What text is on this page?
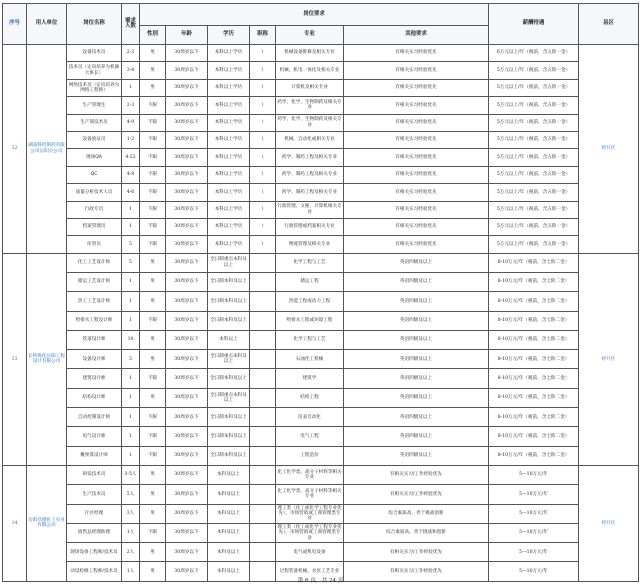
序号	用人单位	岗位名称	需求人数	岗位要求						薪酬待遇	县区
				性别	年龄	学历	职称	专业	其他要求		
12	湖南科伦制药有限公司岳阳分公司	设备技术员	2-3	男	30周岁以下	本科以上学历	\	机械设备维修及相关专业	有相关实习经验优先	6万元以上/年（税前，含五险一金）	经开区
		技术员（定向培养为机修大班长）	3-4	男	30周岁以下	本科以上学历	\	机械、机电一体化及相关专业	有相关实习经验优先	5万元以上/年（税前，含五险一金）	
		网络技术员（定向培养为网络工程师）	1	男	30周岁以下	本科以上学历	\	计算机及相关专业	有相关实习经验优先	5万元以上/年（税前，含五险一金）	
		生产管理生	2-3	不限	30周岁以下	本科以上学历	\	药学、化学、生物制药及相关专业	有相关实习经验优先	5万元以上/年（税前，含五险一金）	
		生产部技术员	4-9	不限	30周岁以下	本科以上学历	\	药学、化学、生物制药及相关专业	有相关实习经验优先	5万元以上/年（税前，含五险一金）	
		设备验证员	1-2	不限	30周岁以下	本科以上学历	\	机械、自动化或相关专业	有相关实习经验优先	5万元以上/年（税前，含五险一金）	
		现场QA	4-22	不限	30周岁以下	本科以上学历	\	药学、制药工程及相关专业	有相关实习经验优先	5万元以上/年（税前，含五险一金）	
		QC	4-8	不限	30周岁以下	本科以上学历	\	药学、制药工程及相关专业	有相关实习经验优先	5万元以上/年（税前，含五险一金）	
		质量分析技术人员	4-6	不限	30周岁以下	本科以上学历	\	药学、制药工程及相关专业	有相关实习经验优先	5万元以上/年（税前，含五险一金）	
		行政专员	1	不限	30周岁以下	本科以上学历	\	行政管理、文秘、计算机相关专业	有相关实习经验优先	5万元以上/年（税前，含五险一金）	
		档案管理员	1	不限	30周岁以下	本科以上学历	\	行政管理或档案相关专业	有相关实习经验优先	5万元以上/年（税前，含五险一金）	
		库管员	5	不限	30周岁以下	本科以上学历	\	物流管理及相关专业	有相关实习经验优先	5万元以上/年（税前，含五险一金）	
13	长岭炼化岳阳工程设计有限公司	化工工艺设计师	5	男	30周岁以下	全日制重点本科及以上		化学工程与工艺	英语四级及以上	8-10万元/年（税前，含七险二金）	经开区
		储运工艺设计师	1	男	30周岁以下	全日制本科及以上		储运工程	英语四级及以上	8-10万元/年（税前，含七险二金）	
		热工工艺设计师	1	男	30周岁以下	全日制本科及以上		热能工程或动力工程	英语四级及以上	8-10万元/年（税前，含七险二金）	
		给排水工程设计师	1	不限	30周岁以下	全日制本科及以上		给排水工程或环境工程	英语四级及以上	8-10万元/年（税前，含七险二金）	
		管道设计师	10	男	30周岁以下	本科以上		化学工程与工艺	英语四级及以上	8-10万元/年（税前，含七险二金）	
		设备设计师	3	男	30周岁以下	全日制重点本科及以上		石油化工机械	英语四级及以上	8-10万元/年（税前，含七险二金）	
		建筑设计师	1	不限	30周岁以下	全日制本科及以上		建筑学	英语四级及以上	8-10万元/年（税前，含七险二金）	
		结构设计师	1	男	30周岁以下	全日制重点本科及以上		结构工程	英语四级及以上	8-10万元/年（税前，含七险二金）	
		自动控制设计师	1	不限	30周岁以下	全日制本科及以上		仪表自动化	英语四级及以上	8-10万元/年（税前，含七险二金）	
		电气设计师	1	不限	30周岁以下	全日制本科及以上		电气工程	英语四级及以上	8-10万元/年（税前，含七险二金）	
		概预算设计师	1	不限	30周岁以下	全日制本科及以上		工程造价	英语四级及以上	8-10万元/年（税前，含七险二金）	
14	岳阳昌德化工实业有限公司	研发技术员	3-5人	男	30周岁以下	本科及以上		化工化学类、高分子材料等相关专业	有相关实习/工作经验优先	5—10万元/年	经开区
		生产技术员	5人	男	30周岁以下	本科及以上		化工化学类、高分子材料等相关专业	有相关实习/工作经验优先	5—10万元/年	
		片区经理	3人	男	30周岁以下	本科及以上		理工类（化工或化学工程专业优先）、市场营销或工商管理类专业	综合素质高、善于挑战创新	5—10万元/年	
		销售总经理助理	1人	不限	30周岁以下	本科及以上		理工类（化工或化学工程专业优先）、市场营销或工商管理类专业	综合素质高、善于挑战和创新	5—10万元/年	
		现场设备工程师/技术员	2人	男	30周岁以下	本科及以上		电气或机电设备	有相关实习/工作经验优先	5—10万元/年	
		动设检修工程师/技术员	1人	男	30周岁以下	本科及以上		过程装备机械、水泵工艺专业	有相关实习/工作经验优先	5—10万元/年	
第 6 页，共 24 页
